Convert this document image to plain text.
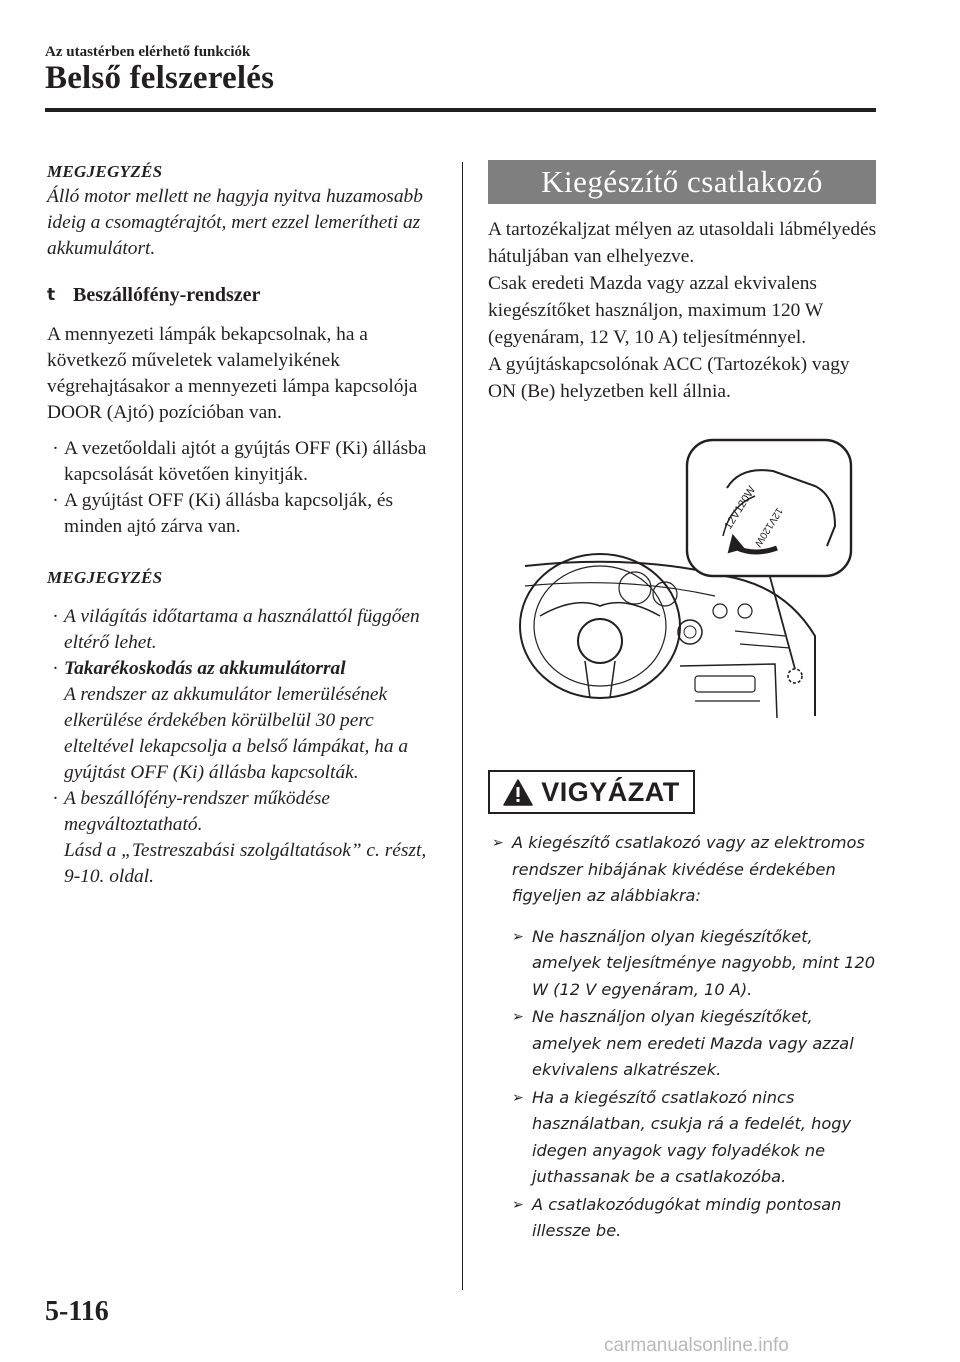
Az utastérben elérhető funkciók
Belső felszerelés
MEGJEGYZÉS
Álló motor mellett ne hagyja nyitva huzamosabb ideig a csomagtérajtót, mert ezzel lemerítheti az akkumulátort.
t Beszállófény-rendszer
A mennyezeti lámpák bekapcsolnak, ha a következő műveletek valamelyikének végrehajtásakor a mennyezeti lámpa kapcsolója DOOR (Ajtó) pozícióban van.
· A vezetőoldali ajtót a gyújtás OFF (Ki) állásba kapcsolását követően kinyitják.
· A gyújtást OFF (Ki) állásba kapcsolják, és minden ajtó zárva van.
MEGJEGYZÉS
· A világítás időtartama a használattól függően eltérő lehet.
· Takarékoskodás az akkumulátorral
A rendszer az akkumulátor lemerülésének elkerülése érdekében körülbelül 30 perc elteltével lekapcsolja a belső lámpákat, ha a gyújtást OFF (Ki) állásba kapcsolták.
· A beszállófény-rendszer működése megváltoztatható.
Lásd a „Testreszabási szolgáltatások” c. részt, 9-10. oldal.
Kiegészítő csatlakozó
A tartozékaljzat mélyen az utasoldali lábmélyedés hátuljában van elhelyezve.
Csak eredeti Mazda vagy azzal ekvivalens kiegészítőket használjon, maximum 120 W (egyenáram, 12 V, 10 A) teljesítménnyel.
A gyújtáskapcsolónak ACC (Tartozékok) vagy ON (Be) helyzetben kell állnia.
12V120W
12V120W
VIGYÁZAT
➢ A kiegészítő csatlakozó vagy az elektromos rendszer hibájának kivédése érdekében figyeljen az alábbiakra:
➢ Ne használjon olyan kiegészítőket, amelyek teljesítménye nagyobb, mint 120 W (12 V egyenáram, 10 A).
➢ Ne használjon olyan kiegészítőket, amelyek nem eredeti Mazda vagy azzal ekvivalens alkatrészek.
➢ Ha a kiegészítő csatlakozó nincs használatban, csukja rá a fedelét, hogy idegen anyagok vagy folyadékok ne juthassanak be a csatlakozóba.
➢ A csatlakozódugókat mindig pontosan illessze be.
5-116
carmanualsonline.info
